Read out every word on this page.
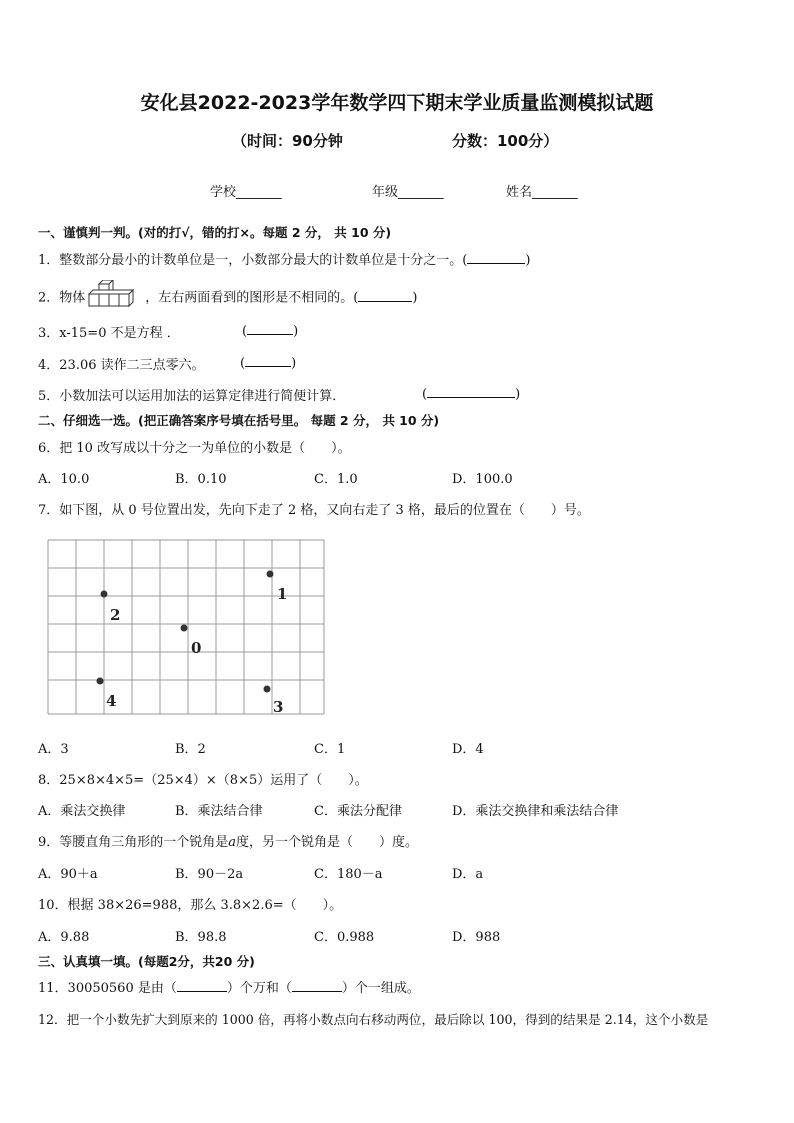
安化县2022-2023学年数学四下期末学业质量监测模拟试题
（时间：90分钟	分数：100分）
学校_______	年级_______	姓名_______
一、谨慎判一判。(对的打√，错的打×。每题 2 分， 共 10 分)
1．整数部分最小的计数单位是一，小数部分最大的计数单位是十分之一。(	)
2．物体	，左右两面看到的图形是不相同的。(	)
3．x-15=0 不是方程 ．	(	)
4．23.06 读作二三点零六。	(	)
5．小数加法可以运用加法的运算定律进行简便计算．	(	)
二、仔细选一选。(把正确答案序号填在括号里。 每题 2 分， 共 10 分)
6．把 10 改写成以十分之一为单位的小数是（　　）。
A．10.0	B．0.10	C．1.0	D．100.0
7．如下图，从 0 号位置出发，先向下走了 2 格，又向右走了 3 格，最后的位置在（　　）号。
1
2
0
4	3
A．3	B．2	C．1	D．4
8．25×8×4×5=（25×4）×（8×5）运用了（　　）。
A．乘法交换律	B．乘法结合律	C．乘法分配律	D．乘法交换律和乘法结合律
9．等腰直角三角形的一个锐角是a度，另一个锐角是（　　）度。
A．90＋a	B．90－2a	C．180－a	D．a
10．根据 38×26=988，那么 3.8×2.6=（　　）。
A．9.88	B．98.8	C．0.988	D．988
三、认真填一填。(每题2分，共20 分)
11．30050560 是由（	）个万和（	）个一组成。
12．把一个小数先扩大到原来的 1000 倍，再将小数点向右移动两位，最后除以 100，得到的结果是 2.14，这个小数是
